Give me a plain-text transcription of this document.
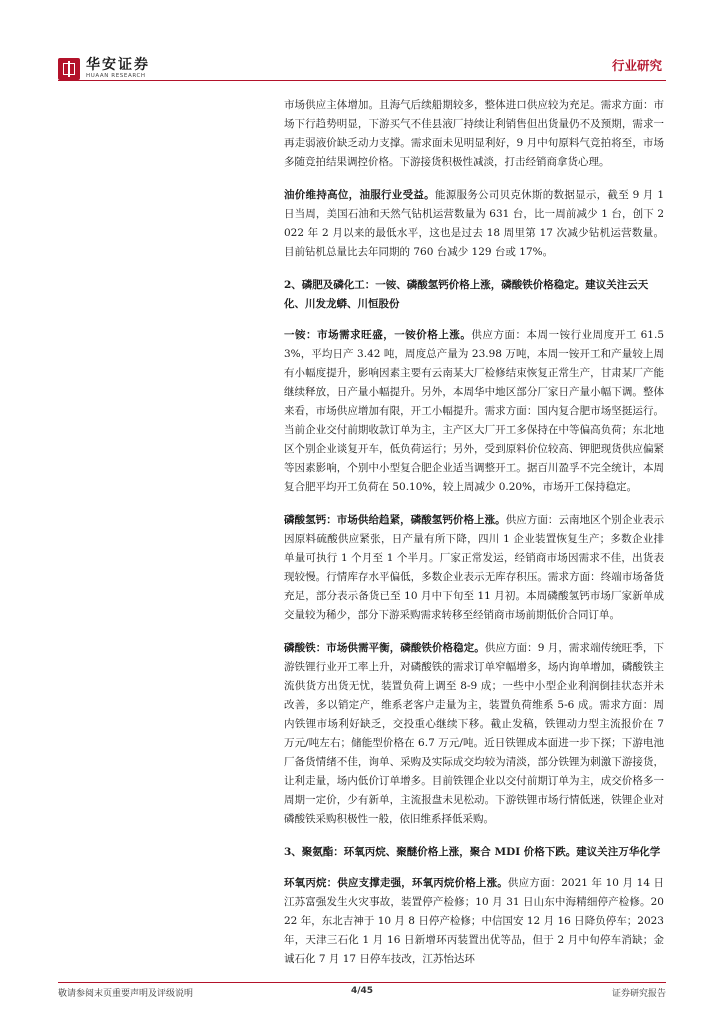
华安证券
HUAAN RESEARCH
行业研究

市场供应主体增加。且海气后续船期较多，整体进口供应较为充足。需求方面：市场下行趋势明显，下游买气不佳县液厂持续让利销售但出货量仍不及预期，需求一再走弱液价缺乏动力支撑。需求面未见明显利好，9 月中旬原料气竞拍将至，市场多随竞拍结果调控价格。下游接货积极性减淡，打击经销商拿货心理。

油价维持高位，油服行业受益。能源服务公司贝克休斯的数据显示，截至 9 月 1 日当周，美国石油和天然气钻机运营数量为 631 台，比一周前减少 1 台，创下 2022 年 2 月以来的最低水平，这也是过去 18 周里第 17 次减少钻机运营数量。目前钻机总量比去年同期的 760 台减少 129 台或 17%。

2、磷肥及磷化工：一铵、磷酸氢钙价格上涨，磷酸铁价格稳定。建议关注云天化、川发龙蟒、川恒股份

一铵：市场需求旺盛，一铵价格上涨。供应方面：本周一铵行业周度开工 61.53%，平均日产 3.42 吨，周度总产量为 23.98 万吨，本周一铵开工和产量较上周有小幅度提升，影响因素主要有云南某大厂检修结束恢复正常生产，甘肃某厂产能继续释放，日产量小幅提升。另外，本周华中地区部分厂家日产量小幅下调。整体来看，市场供应增加有限，开工小幅提升。需求方面：国内复合肥市场坚挺运行。当前企业交付前期收款订单为主，主产区大厂开工多保持在中等偏高负荷；东北地区个别企业谈复开车，低负荷运行；另外，受到原料价位较高、钾肥现货供应偏紧等因素影响，个别中小型复合肥企业适当调整开工。据百川盈孚不完全统计，本周复合肥平均开工负荷在 50.10%，较上周减少 0.20%，市场开工保持稳定。

磷酸氢钙：市场供给趋紧，磷酸氢钙价格上涨。供应方面：云南地区个别企业表示因原料硫酸供应紧张，日产量有所下降，四川 1 企业装置恢复生产；多数企业排单量可执行 1 个月至 1 个半月。厂家正常发运，经销商市场因需求不佳，出货表现较慢。行情库存水平偏低，多数企业表示无库存积压。需求方面：终端市场备货充足，部分表示备货已至 10 月中下旬至 11 月初。本周磷酸氢钙市场厂家新单成交量较为稀少，部分下游采购需求转移至经销商市场前期低价合同订单。

磷酸铁：市场供需平衡，磷酸铁价格稳定。供应方面：9 月，需求端传统旺季，下游铁锂行业开工率上升，对磷酸铁的需求订单窄幅增多，场内询单增加，磷酸铁主流供货方出货无忧，装置负荷上调至 8-9 成；一些中小型企业利润倒挂状态并未改善，多以销定产，维系老客户走量为主，装置负荷维系 5-6 成。需求方面：周内铁锂市场利好缺乏，交投重心继续下移。截止发稿，铁锂动力型主流报价在 7 万元/吨左右；储能型价格在 6.7 万元/吨。近日铁锂成本面进一步下探；下游电池厂备货情绪不佳，询单、采购及实际成交均较为清淡，部分铁锂为刺激下游接货，让利走量，场内低价订单增多。目前铁锂企业以交付前期订单为主，成交价格多一周期一定价，少有新单，主流报盘未见松动。下游铁锂市场行情低迷，铁锂企业对磷酸铁采购积极性一般，依旧维系择低采购。

3、聚氨酯：环氧丙烷、聚醚价格上涨，聚合 MDI 价格下跌。建议关注万华化学

环氧丙烷：供应支撑走强，环氧丙烷价格上涨。供应方面：2021 年 10 月 14 日江苏富强发生火灾事故，装置停产检修；10 月 31 日山东中海精细停产检修。2022 年，东北吉神于 10 月 8 日停产检修；中信国安 12 月 16 日降负停车；2023 年，天津三石化 1 月 16 日新增环丙装置出优等品，但于 2 月中旬停车消缺；金诚石化 7 月 17 日停车技改，江苏怡达环

敬请参阅末页重要声明及评级说明	4/45	证券研究报告
